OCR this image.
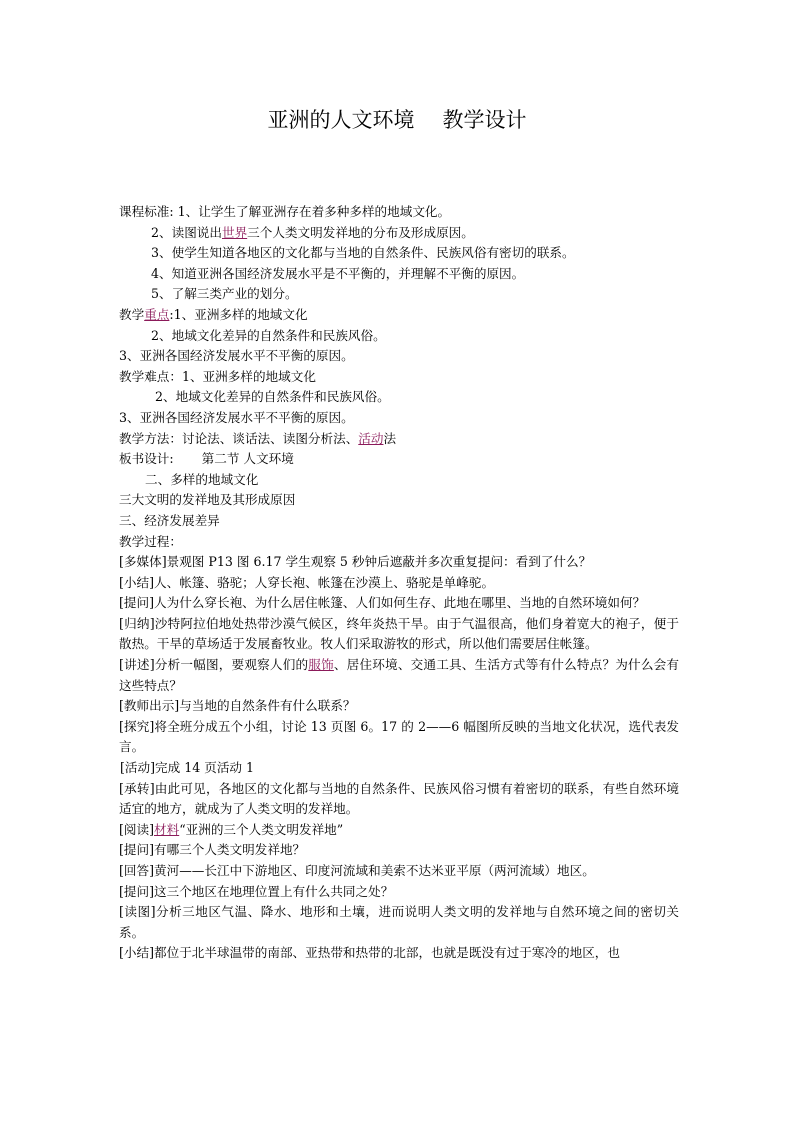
亚洲的人文环境 教学设计
课程标准: 1、让学生了解亚洲存在着多种多样的地域文化。
2、读图说出世界三个人类文明发祥地的分布及形成原因。
3、使学生知道各地区的文化都与当地的自然条件、民族风俗有密切的联系。
4、知道亚洲各国经济发展水平是不平衡的，并理解不平衡的原因。
5、了解三类产业的划分。
教学重点:1、亚洲多样的地域文化
2、地域文化差异的自然条件和民族风俗。
3、亚洲各国经济发展水平不平衡的原因。
教学难点：1、亚洲多样的地域文化
2、地域文化差异的自然条件和民族风俗。
3、亚洲各国经济发展水平不平衡的原因。
教学方法：讨论法、谈话法、读图分析法、活动法
板书设计: 第二节 人文环境
二、多样的地域文化
三大文明的发祥地及其形成原因
三、经济发展差异
教学过程：
[多媒体]景观图 P13 图 6.17 学生观察 5 秒钟后遮蔽并多次重复提问：看到了什么？
[小结]人、帐篷、骆驼；人穿长袍、帐篷在沙漠上、骆驼是单峰驼。
[提问]人为什么穿长袍、为什么居住帐篷、人们如何生存、此地在哪里、当地的自然环境如何？
[归纳]沙特阿拉伯地处热带沙漠气候区，终年炎热干旱。由于气温很高，他们身着宽大的袍子，便于散热。干旱的草场适于发展畜牧业。牧人们采取游牧的形式，所以他们需要居住帐篷。
[讲述]分析一幅图，要观察人们的服饰、居住环境、交通工具、生活方式等有什么特点？为什么会有这些特点？
[教师出示]与当地的自然条件有什么联系？
[探究]将全班分成五个小组，讨论 13 页图 6。17 的 2——6 幅图所反映的当地文化状况，选代表发言。
[活动]完成 14 页活动 1
[承转]由此可见，各地区的文化都与当地的自然条件、民族风俗习惯有着密切的联系，有些自然环境适宜的地方，就成为了人类文明的发祥地。
[阅读]材料“亚洲的三个人类文明发祥地”
[提问]有哪三个人类文明发祥地？
[回答]黄河——长江中下游地区、印度河流域和美索不达米亚平原（两河流域）地区。
[提问]这三个地区在地理位置上有什么共同之处？
[读图]分析三地区气温、降水、地形和土壤，进而说明人类文明的发祥地与自然环境之间的密切关系。
[小结]都位于北半球温带的南部、亚热带和热带的北部，也就是既没有过于寒冷的地区，也
